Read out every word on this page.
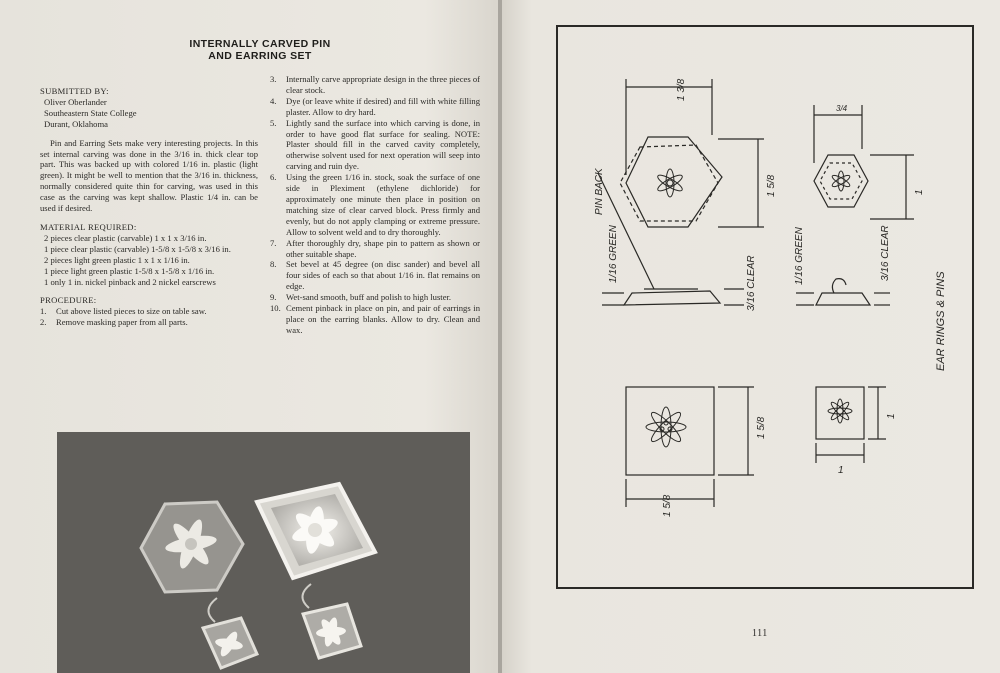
INTERNALLY CARVED PIN
AND EARRING SET
SUBMITTED BY:
Oliver Oberlander
Southeastern State College
Durant, Oklahoma
Pin and Earring Sets make very interesting projects. In this set internal carving was done in the 3/16 in. thick clear top part. This was backed up with colored 1/16 in. plastic (light green). It might be well to mention that the 3/16 in. thickness, normally considered quite thin for carving, was used in this case as the carving was kept shallow. Plastic 1/4 in. can be used if desired.
MATERIAL REQUIRED:
2 pieces clear plastic (carvable) 1 x 1 x 3/16 in.
1 piece clear plastic (carvable) 1-5/8 x 1-5/8 x 3/16 in.
2 pieces light green plastic 1 x 1 x 1/16 in.
1 piece light green plastic 1-5/8 x 1-5/8 x 1/16 in.
1 only 1 in. nickel pinback and 2 nickel earscrews
PROCEDURE:
1. Cut above listed pieces to size on table saw.
2. Remove masking paper from all parts.
3. Internally carve appropriate design in the three pieces of clear stock.
4. Dye (or leave white if desired) and fill with white filling plaster. Allow to dry hard.
5. Lightly sand the surface into which carving is done, in order to have good flat surface for sealing. NOTE: Plaster should fill in the carved cavity completely, otherwise solvent used for next operation will seep into carving and ruin dye.
6. Using the green 1/16 in. stock, soak the surface of one side in Pleximent (ethylene dichloride) for approximately one minute then place in position on matching size of clear carved block. Press firmly and evenly, but do not apply clamping or extreme pressure. Allow to solvent weld and to dry thoroughly.
7. After thoroughly dry, shape pin to pattern as shown or other suitable shape.
8. Set bevel at 45 degree (on disc sander) and bevel all four sides of each so that about 1/16 in. flat remains on edge.
9. Wet-sand smooth, buff and polish to high luster.
10. Cement pinback in place on pin, and pair of earrings in place on the earring blanks. Allow to dry. Clean and wax.
PIN BACK
1/16 GREEN
3/16 CLEAR	1/16 GREEN	3/16 CLEAR
EAR RINGS & PINS
1 3/8
1 5/8
3/4
1
1 5/8
1 5/8
1
1
111
